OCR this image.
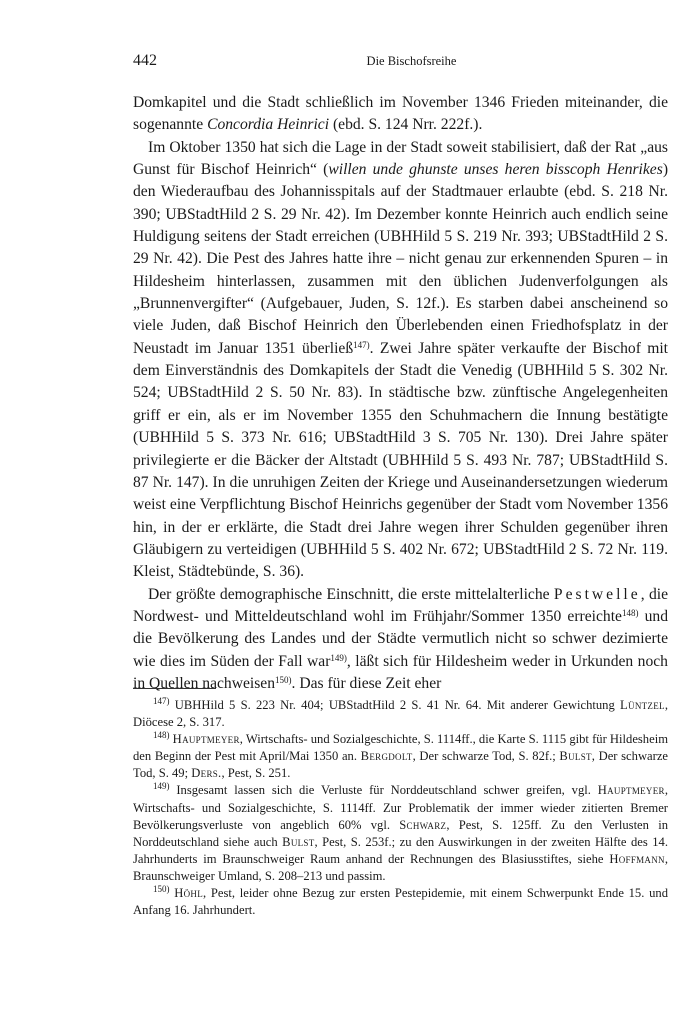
442	Die Bischofsreihe

Domkapitel und die Stadt schließlich im November 1346 Frieden miteinander, die sogenannte Concordia Heinrici (ebd. S. 124 Nrr. 222f.).

Im Oktober 1350 hat sich die Lage in der Stadt soweit stabilisiert, daß der Rat „aus Gunst für Bischof Heinrich“ (willen unde ghunste unses heren bisscoph Henrikes) den Wiederaufbau des Johannisspitals auf der Stadtmauer erlaubte (ebd. S. 218 Nr. 390; UBStadtHild 2 S. 29 Nr. 42). Im Dezember konnte Heinrich auch endlich seine Huldigung seitens der Stadt erreichen (UBHHild 5 S. 219 Nr. 393; UBStadtHild 2 S. 29 Nr. 42). Die Pest des Jahres hatte ihre – nicht genau zur erkennenden Spuren – in Hildesheim hinterlassen, zusammen mit den üblichen Judenverfolgungen als „Brunnenvergifter“ (Aufgebauer, Juden, S. 12f.). Es starben dabei anscheinend so viele Juden, daß Bischof Heinrich den Überlebenden einen Friedhofsplatz in der Neustadt im Januar 1351 überließ$^{147)}$. Zwei Jahre später verkaufte der Bischof mit dem Einverständnis des Domkapitels der Stadt die Venedig (UBHHild 5 S. 302 Nr. 524; UBStadtHild 2 S. 50 Nr. 83). In städtische bzw. zünftische Angelegenheiten griff er ein, als er im November 1355 den Schuhmachern die Innung bestätigte (UBHHild 5 S. 373 Nr. 616; UBStadtHild 3 S. 705 Nr. 130). Drei Jahre später privilegierte er die Bäcker der Altstadt (UBHHild 5 S. 493 Nr. 787; UBStadtHild S. 87 Nr. 147). In die unruhigen Zeiten der Kriege und Auseinandersetzungen wiederum weist eine Verpflichtung Bischof Heinrichs gegenüber der Stadt vom November 1356 hin, in der er erklärte, die Stadt drei Jahre wegen ihrer Schulden gegenüber ihren Gläubigern zu verteidigen (UBHHild 5 S. 402 Nr. 672; UBStadtHild 2 S. 72 Nr. 119. Kleist, Städtebünde, S. 36).

Der größte demographische Einschnitt, die erste mittelalterliche Pestwelle, die Nordwest- und Mitteldeutschland wohl im Frühjahr/Sommer 1350 erreichte$^{148)}$ und die Bevölkerung des Landes und der Städte vermutlich nicht so schwer dezimierte wie dies im Süden der Fall war$^{149)}$, läßt sich für Hildesheim weder in Urkunden noch in Quellen nachweisen$^{150)}$. Das für diese Zeit eher

$^{147)}$ UBHHild 5 S. 223 Nr. 404; UBStadtHild 2 S. 41 Nr. 64. Mit anderer Gewichtung Lüntzel, Diöcese 2, S. 317.

$^{148)}$ Hauptmeyer, Wirtschafts- und Sozialgeschichte, S. 1114ff., die Karte S. 1115 gibt für Hildesheim den Beginn der Pest mit April/Mai 1350 an. Bergdolt, Der schwarze Tod, S. 82f.; Bulst, Der schwarze Tod, S. 49; Ders., Pest, S. 251.

$^{149)}$ Insgesamt lassen sich die Verluste für Norddeutschland schwer greifen, vgl. Hauptmeyer, Wirtschafts- und Sozialgeschichte, S. 1114ff. Zur Problematik der immer wieder zitierten Bremer Bevölkerungsverluste von angeblich 60% vgl. Schwarz, Pest, S. 125ff. Zu den Verlusten in Norddeutschland siehe auch Bulst, Pest, S. 253f.; zu den Auswirkungen in der zweiten Hälfte des 14. Jahrhunderts im Braunschweiger Raum anhand der Rechnungen des Blasiusstiftes, siehe Hoffmann, Braunschweiger Umland, S. 208–213 und passim.

$^{150)}$ Höhl, Pest, leider ohne Bezug zur ersten Pestepidemie, mit einem Schwerpunkt Ende 15. und Anfang 16. Jahrhundert.
